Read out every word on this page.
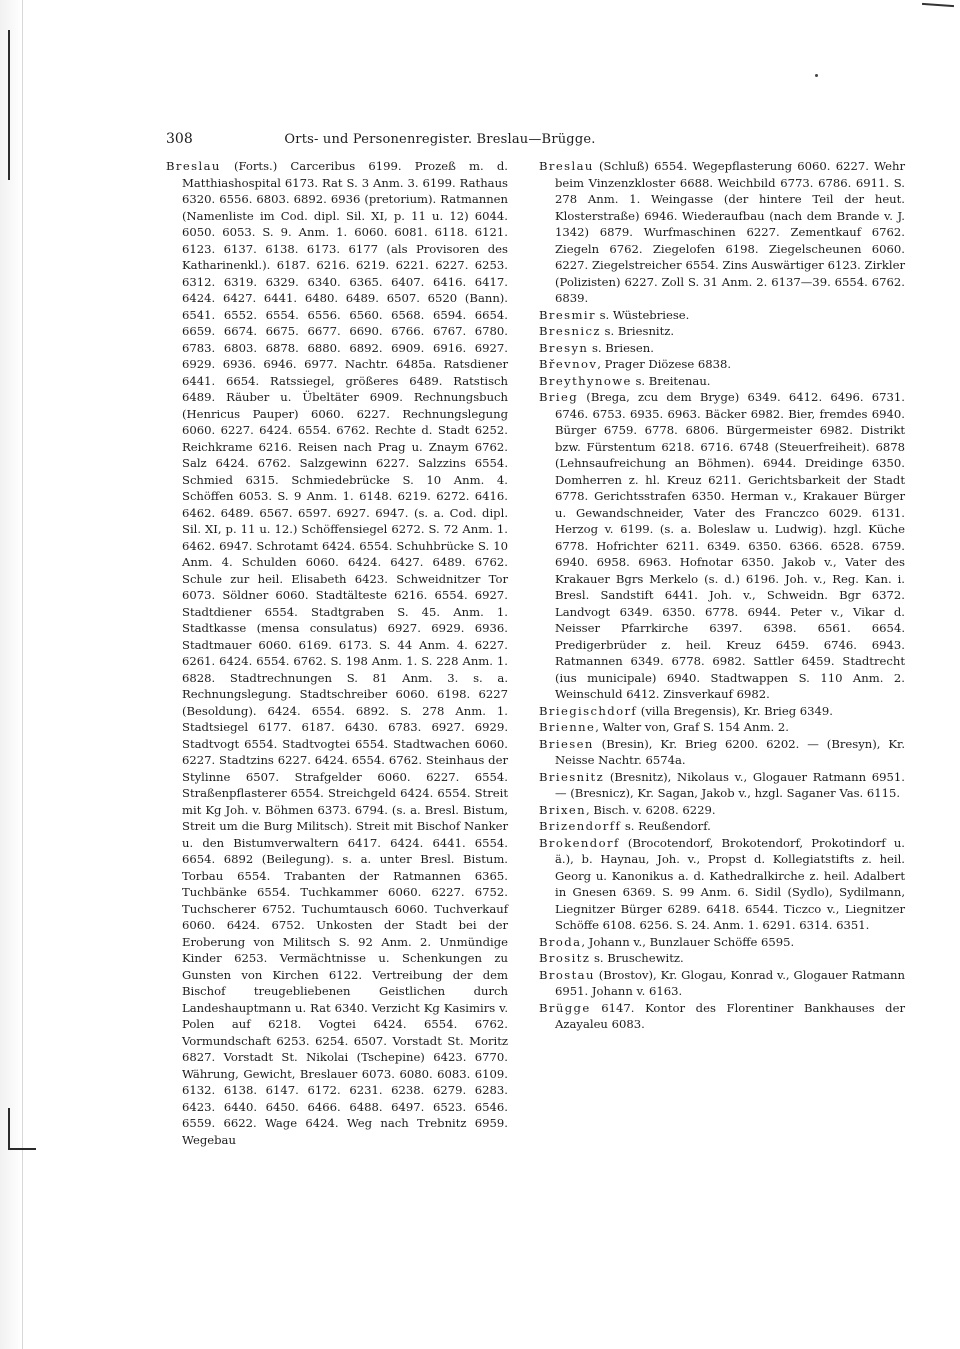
308	Orts- und Personenregister. Breslau—Brügge.

Breslau (Forts.) Carceribus 6199. Prozeß m. d. Matthiashospital 6173. Rat S. 3 Anm. 3. 6199. Rathaus 6320. 6556. 6803. 6892. 6936 (pretorium). Ratmannen (Namenliste im Cod. dipl. Sil. XI, p. 11 u. 12) 6044. 6050. 6053. S. 9. Anm. 1. 6060. 6081. 6118. 6121. 6123. 6137. 6138. 6173. 6177 (als Provisoren des Katharinenkl.). 6187. 6216. 6219. 6221. 6227. 6253. 6312. 6319. 6329. 6340. 6365. 6407. 6416. 6417. 6424. 6427. 6441. 6480. 6489. 6507. 6520 (Bann). 6541. 6552. 6554. 6556. 6560. 6568. 6594. 6654. 6659. 6674. 6675. 6677. 6690. 6766. 6767. 6780. 6783. 6803. 6878. 6880. 6892. 6909. 6916. 6927. 6929. 6936. 6946. 6977. Nachtr. 6485a. Ratsdiener 6441. 6654. Ratssiegel, größeres 6489. Ratstisch 6489. Räuber u. Übeltäter 6909. Rechnungsbuch (Henricus Pauper) 6060. 6227. Rechnungslegung 6060. 6227. 6424. 6554. 6762. Rechte d. Stadt 6252. Reichkrame 6216. Reisen nach Prag u. Znaym 6762. Salz 6424. 6762. Salzgewinn 6227. Salzzins 6554. Schmied 6315. Schmiedebrücke S. 10 Anm. 4. Schöffen 6053. S. 9 Anm. 1. 6148. 6219. 6272. 6416. 6462. 6489. 6567. 6597. 6927. 6947. (s. a. Cod. dipl. Sil. XI, p. 11 u. 12.) Schöffensiegel 6272. S. 72 Anm. 1. 6462. 6947. Schrotamt 6424. 6554. Schuhbrücke S. 10 Anm. 4. Schulden 6060. 6424. 6427. 6489. 6762. Schule zur heil. Elisabeth 6423. Schweidnitzer Tor 6073. Söldner 6060. Stadtälteste 6216. 6554. 6927. Stadtdiener 6554. Stadtgraben S. 45. Anm. 1. Stadtkasse (mensa consulatus) 6927. 6929. 6936. Stadtmauer 6060. 6169. 6173. S. 44 Anm. 4. 6227. 6261. 6424. 6554. 6762. S. 198 Anm. 1. S. 228 Anm. 1. 6828. Stadtrechnungen S. 81 Anm. 3. s. a. Rechnungslegung. Stadtschreiber 6060. 6198. 6227 (Besoldung). 6424. 6554. 6892. S. 278 Anm. 1. Stadtsiegel 6177. 6187. 6430. 6783. 6927. 6929. Stadtvogt 6554. Stadtvogtei 6554. Stadtwachen 6060. 6227. Stadtzins 6227. 6424. 6554. 6762. Steinhaus der Stylinne 6507. Strafgelder 6060. 6227. 6554. Straßenpflasterer 6554. Streichgeld 6424. 6554. Streit mit Kg Joh. v. Böhmen 6373. 6794. (s. a. Bresl. Bistum, Streit um die Burg Militsch). Streit mit Bischof Nanker u. den Bistumverwaltern 6417. 6424. 6441. 6554. 6654. 6892 (Beilegung). s. a. unter Bresl. Bistum. Torbau 6554. Trabanten der Ratmannen 6365. Tuchbänke 6554. Tuchkammer 6060. 6227. 6752. Tuchscherer 6752. Tuchumtausch 6060. Tuchverkauf 6060. 6424. 6752. Unkosten der Stadt bei der Eroberung von Militsch S. 92 Anm. 2. Unmündige Kinder 6253. Vermächtnisse u. Schenkungen zu Gunsten von Kirchen 6122. Vertreibung der dem Bischof treugebliebenen Geistlichen durch Landeshauptmann u. Rat 6340. Verzicht Kg Kasimirs v. Polen auf 6218. Vogtei 6424. 6554. 6762. Vormundschaft 6253. 6254. 6507. Vorstadt St. Moritz 6827. Vorstadt St. Nikolai (Tschepine) 6423. 6770. Währung, Gewicht, Breslauer 6073. 6080. 6083. 6109. 6132. 6138. 6147. 6172. 6231. 6238. 6279. 6283. 6423. 6440. 6450. 6466. 6488. 6497. 6523. 6546. 6559. 6622. Wage 6424. Weg nach Trebnitz 6959. Wegebau

Breslau (Schluß) 6554. Wegepflasterung 6060. 6227. Wehr beim Vinzenzkloster 6688. Weichbild 6773. 6786. 6911. S. 278 Anm. 1. Weingasse (der hintere Teil der heut. Klosterstraße) 6946. Wiederaufbau (nach dem Brande v. J. 1342) 6879. Wurfmaschinen 6227. Zementkauf 6762. Ziegeln 6762. Ziegelofen 6198. Ziegelscheunen 6060. 6227. Ziegelstreicher 6554. Zins Auswärtiger 6123. Zirkler (Polizisten) 6227. Zoll S. 31 Anm. 2. 6137—39. 6554. 6762. 6839.

Bresmir s. Wüstebriese.

Bresnicz s. Briesnitz.

Bresyn s. Briesen.

Břevnov, Prager Diözese 6838.

Breythynowe s. Breitenau.

Brieg (Brega, zcu dem Bryge) 6349. 6412. 6496. 6731. 6746. 6753. 6935. 6963. Bäcker 6982. Bier, fremdes 6940. Bürger 6759. 6778. 6806. Bürgermeister 6982. Distrikt bzw. Fürstentum 6218. 6716. 6748 (Steuerfreiheit). 6878 (Lehnsaufreichung an Böhmen). 6944. Dreidinge 6350. Domherren z. hl. Kreuz 6211. Gerichtsbarkeit der Stadt 6778. Gerichtsstrafen 6350. Herman v., Krakauer Bürger u. Gewandschneider, Vater des Franczco 6029. 6131. Herzog v. 6199. (s. a. Boleslaw u. Ludwig). hzgl. Küche 6778. Hofrichter 6211. 6349. 6350. 6366. 6528. 6759. 6940. 6958. 6963. Hofnotar 6350. Jakob v., Vater des Krakauer Bgrs Merkelo (s. d.) 6196. Joh. v., Reg. Kan. i. Bresl. Sandstift 6441. Joh. v., Schweidn. Bgr 6372. Landvogt 6349. 6350. 6778. 6944. Peter v., Vikar d. Neisser Pfarrkirche 6397. 6398. 6561. 6654. Predigerbrüder z. heil. Kreuz 6459. 6746. 6943. Ratmannen 6349. 6778. 6982. Sattler 6459. Stadtrecht (ius municipale) 6940. Stadtwappen S. 110 Anm. 2. Weinschuld 6412. Zinsverkauf 6982.

Briegischdorf (villa Bregensis), Kr. Brieg 6349.

Brienne, Walter von, Graf S. 154 Anm. 2.

Briesen (Bresin), Kr. Brieg 6200. 6202. — (Bresyn), Kr. Neisse Nachtr. 6574a.

Briesnitz (Bresnitz), Nikolaus v., Glogauer Ratmann 6951. — (Bresnicz), Kr. Sagan, Jakob v., hzgl. Saganer Vas. 6115.

Brixen, Bisch. v. 6208. 6229.

Brizendorff s. Reußendorf.

Brokendorf (Brocotendorf, Brokotendorf, Prokotindorf u. ä.), b. Haynau, Joh. v., Propst d. Kollegiatstifts z. heil. Georg u. Kanonikus a. d. Kathedralkirche z. heil. Adalbert in Gnesen 6369. S. 99 Anm. 6. Sidil (Sydlo), Sydilmann, Liegnitzer Bürger 6289. 6418. 6544. Ticzco v., Liegnitzer Schöffe 6108. 6256. S. 24. Anm. 1. 6291. 6314. 6351.

Broda, Johann v., Bunzlauer Schöffe 6595.

Brositz s. Bruschewitz.

Brostau (Brostov), Kr. Glogau, Konrad v., Glogauer Ratmann 6951. Johann v. 6163.

Brügge 6147. Kontor des Florentiner Bankhauses der Azayaleu 6083.
